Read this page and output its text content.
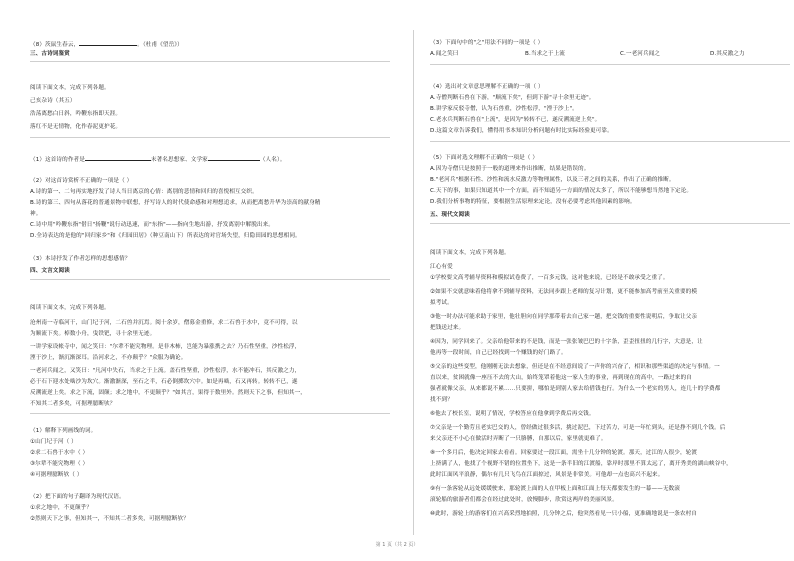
（8）茨鼠生春云，	。（杜甫《望岳》）
三、古诗词鉴赏
阅读下面文本，完成下列各题。
己亥杂诗（其五）
浩荡离愁白日斜，吟鞭东指即天涯。
落红不是无情物，化作春泥更护花。
（1）这首诗的作者是	末著名思想家、文学家	（人名）。
（2）对这首诗赏析不正确的一项是（ ）
A.诗的第一、二句再实地抒发了诗人当日离京的心情：离别的悲情和回归的喜悦相互交织。
B.诗的第三、四句从落花的普通景物中联想，抒写诗人的时代使命感和对理想追求，从而把离愁升华为崇高的献身精
神。
C.诗中用"吟鞭东指"借日"扬鞭"说行动迅速，而"东指"——指向生地出游，抒发离别中解脱出来。
D.全诗表达的是他的"回归家乡"和《归园田居》（种豆南山下）所表达的对官场失望，归隐田园的思想相同。
（3）本诗抒发了作者怎样的思想感情？
四、文言文阅读
阅读下面文本，完成下列各题。
沧州南一寺临河干，山门圮于河，二石兽并沉焉。阅十余岁，僧募金重修，求二石兽于水中，竟不可得，以
为顺流下矣。棹数小舟，曳铁钯，寻十余里无迹。
一讲学家设帐寺中，闻之笑曰："尔辈不能究物理。是非木柿，岂能为暴涨携之去？乃石性坚重，沙性松浮，
湮于沙上，渐沉渐深耳。沿河求之，不亦颠乎？"众服为确论。
一老河兵闻之，又笑曰："凡河中失石，当求之于上流。盖石性坚重，沙性松浮，水不能冲石，其反激之力，
必于石下迎水处啮沙为坎穴。渐激渐深，至石之半，石必倒掷坎穴中。如是再啮，石又再转。转转不已，遂
反溯流逆上矣。求之下流，固颠；求之地中，不更颠乎？"如其言，果得于数里外。然则天下之事，但知其一，
不知其二者多矣，可据理臆断欤？
（1）解释下列画线的词。
①山门圮于河（ ）
②求二石兽于水中（ ）
③尔辈不能究物理（ ）
④可据理臆断欤（ ）
（2）把下面的句子翻译为现代汉语。
①求之地中，不更颠乎？
②然则天下之事，但知其一，不知其二者多矣，可据理臆断欤？
（3）下面句中的"之"用法不同的一项是（ ）
A.闻之笑曰	B.当求之于上流	C.一老河兵闻之	D.其反激之力
（4）选出对文章意思理解不正确的一项（ ）
A.寺僧判断石兽在下游，"顺流下矣"，但到下游"寻十余里无迹"。
B.讲学家反驳寺僧，认为石兽重，沙性松浮，"湮于沙上"。
C.老水兵判断石兽在"上流"，是因为"转转不已，遂反溯流逆上矣"。
D.这篇文章告诉我们，懂得用书本知识分析问题有时比实际经验更可靠。
（5）下面对选文理解不正确的一项是（ ）
A.因为寺僧只是按照于一般的道理来作出推断，结果是错误的。
B."老河兵"根据石性、沙性和流水反激力等物理属性，以及三者之间的关系，作出了正确的推断。
C.天下的事，如果只知道其中一个方面，而不知道另一方面的情况太多了，所以不能够想当然地下定论。
D.我们分析事物的特征，要根据生活原理来定论，没有必要考虑其他因素的影响。
五、现代文阅读
阅读下面文本，完成下列各题。
江心有爱
①学校要文高考辅导资料和模拟试卷费了，一百多元钱，这对他来说，已经是不敢承受之重了。
②如果不交就意味着他将拿不到辅导资料，无法同步跟上老师的复习计划，更不能参加高考前至关重要的模
拟考试。
③他一时办法可能求助于家里，他壮胆向在同学那带着去自己家一趟，把交钱的重要性说明后，争取让父亲
把钱送过来。
④因为，同学回来了。父亲给他带来的不是钱，而是一张张皱巴巴的十字条，歪歪扭扭的几行字，大意是，让
他再等一段时间，自己已经找到一个赚钱的好门路了。
⑤父亲的这些变型，他刚刚无法去想象，但还是在不经意间说了一声你的兴奋了，相识和那些渠道的决定与事情。一
直以来，贫困就像一座压不去的大山，始终笼罩着他这一家人生的事业，再到现在的高中，一路过来的自
强者就像父亲，从来都说不累……只要拼，哪怕是到别人家去给借钱也行。为什么一个老实的男人，连几十的学费都
找不到？
⑥他去了校长室，说明了情况，学校答应在他拿到学费后再交钱。
⑦父亲是一个勤劳且老实巴交的人，曾经做过很多活，挑过泥巴，下过苦力，可是一年忙到头，还是挣不到几个钱。后
来父亲还不小心在做活时弄断了一只胳膊，自那以后，家里就更难了。
⑧一个多月后，他决定回家去看看。回家要过一段江面，需坐十几分钟的轮渡。那天，过江的人很少，轮渡
上挤满了人，他找了个视野不错的位置坐下，这是一条半旧的江渡船，靠岸时那里不算太远了，离开秀美的湖山峡谷中，
此时江面风平浪静，偶尔有几只飞鸟在江面掠过，风景是非常美。可他却一点也高兴不起来。
⑨有一条客轮从远处缓缓驶来，那轮渡上面的人在甲板上面和江面上每天都要发生的一幕——无数滚
滚轮船的旅游者们都会在经过此处时，放慢脚步，欣赏这两岸的美丽风景。
⑩此时，游轮上的游客们在兴高采烈地拍照，几分钟之后，他突然看见一只小船，更准确地说是一条农村自
第 1 页（共 2 页）
